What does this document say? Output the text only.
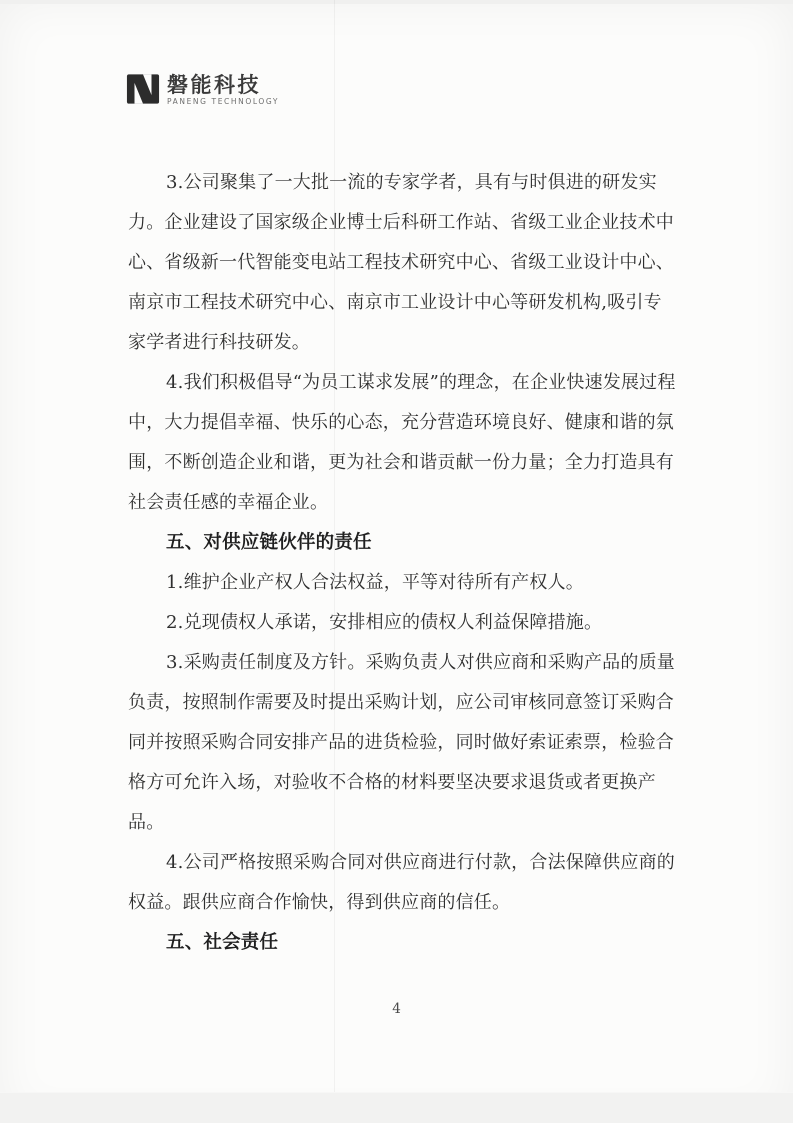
磐能科技
PANENG TECHNOLOGY
3.公司聚集了一大批一流的专家学者，具有与时俱进的研发实
力。企业建设了国家级企业博士后科研工作站、省级工业企业技术中
心、省级新一代智能变电站工程技术研究中心、省级工业设计中心、
南京市工程技术研究中心、南京市工业设计中心等研发机构,吸引专
家学者进行科技研发。
4.我们积极倡导“为员工谋求发展”的理念，在企业快速发展过程
中，大力提倡幸福、快乐的心态，充分营造环境良好、健康和谐的氛
围，不断创造企业和谐，更为社会和谐贡献一份力量；全力打造具有
社会责任感的幸福企业。
五、对供应链伙伴的责任
1.维护企业产权人合法权益，平等对待所有产权人。
2.兑现债权人承诺，安排相应的债权人利益保障措施。
3.采购责任制度及方针。采购负责人对供应商和采购产品的质量
负责，按照制作需要及时提出采购计划，应公司审核同意签订采购合
同并按照采购合同安排产品的进货检验，同时做好索证索票，检验合
格方可允许入场，对验收不合格的材料要坚决要求退货或者更换产
品。
4.公司严格按照采购合同对供应商进行付款，合法保障供应商的
权益。跟供应商合作愉快，得到供应商的信任。
五、社会责任
4
